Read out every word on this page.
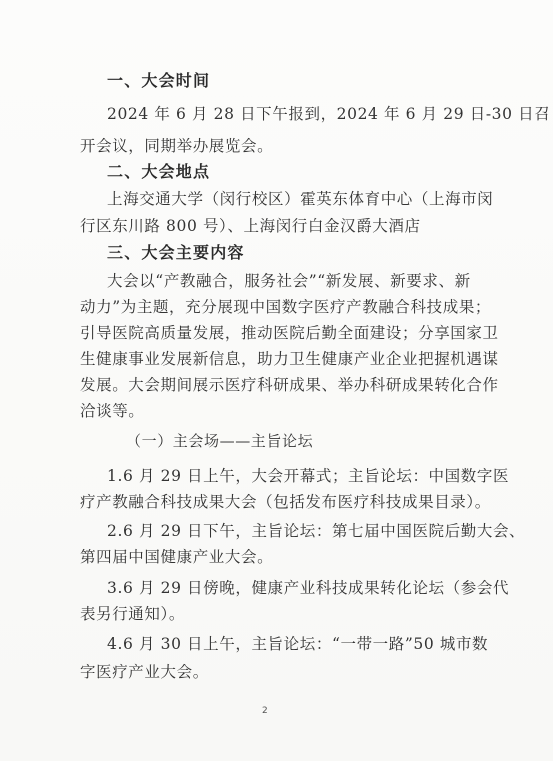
一、大会时间
2024 年 6 月 28 日下午报到，2024 年 6 月 29 日-30 日召
开会议，同期举办展览会。
二、大会地点
上海交通大学（闵行校区）霍英东体育中心（上海市闵
行区东川路 800 号）、上海闵行白金汉爵大酒店
三、大会主要内容
大会以“产教融合，服务社会”“新发展、新要求、新
动力”为主题，充分展现中国数字医疗产教融合科技成果；
引导医院高质量发展，推动医院后勤全面建设；分享国家卫
生健康事业发展新信息，助力卫生健康产业企业把握机遇谋
发展。大会期间展示医疗科研成果、举办科研成果转化合作
洽谈等。
（一）主会场——主旨论坛
1.6 月 29 日上午，大会开幕式；主旨论坛：中国数字医
疗产教融合科技成果大会（包括发布医疗科技成果目录）。
2.6 月 29 日下午，主旨论坛：第七届中国医院后勤大会、
第四届中国健康产业大会。
3.6 月 29 日傍晚，健康产业科技成果转化论坛（参会代
表另行通知）。
4.6 月 30 日上午，主旨论坛：“一带一路”50 城市数
字医疗产业大会。
2
